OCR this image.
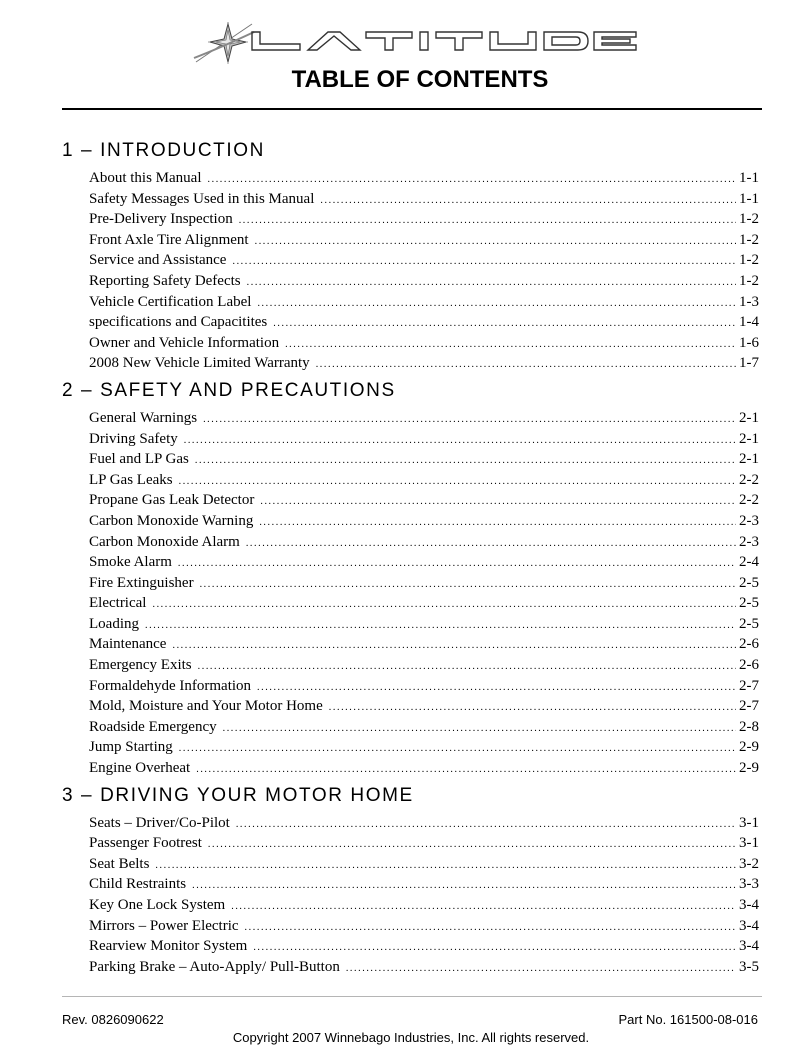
TABLE OF CONTENTS
1 – INTRODUCTION
About this Manual .....	1-1
Safety Messages Used in this Manual .....	1-1
Pre-Delivery Inspection .....	1-2
Front Axle Tire Alignment .....	1-2
Service and Assistance .....	1-2
Reporting Safety Defects .....	1-2
Vehicle Certification Label .....	1-3
specifications and Capacitites .....	1-4
Owner and Vehicle Information .....	1-6
2008 New Vehicle Limited Warranty .....	1-7
2 – SAFETY AND PRECAUTIONS
General Warnings .....	2-1
Driving Safety .....	2-1
Fuel and LP Gas .....	2-1
LP Gas Leaks .....	2-2
Propane Gas Leak Detector .....	2-2
Carbon Monoxide Warning .....	2-3
Carbon Monoxide Alarm .....	2-3
Smoke Alarm .....	2-4
Fire Extinguisher .....	2-5
Electrical .....	2-5
Loading .....	2-5
Maintenance .....	2-6
Emergency Exits .....	2-6
Formaldehyde Information .....	2-7
Mold, Moisture and Your Motor Home .....	2-7
Roadside Emergency .....	2-8
Jump Starting .....	2-9
Engine Overheat .....	2-9
3 – DRIVING YOUR MOTOR HOME
Seats – Driver/Co-Pilot .....	3-1
Passenger Footrest .....	3-1
Seat Belts .....	3-2
Child Restraints .....	3-3
Key One Lock System .....	3-4
Mirrors – Power Electric .....	3-4
Rearview Monitor System .....	3-4
Parking Brake – Auto-Apply/ Pull-Button .....	3-5
Rev. 0826090622	Part No. 161500-08-016
Copyright 2007 Winnebago Industries, Inc. All rights reserved.
